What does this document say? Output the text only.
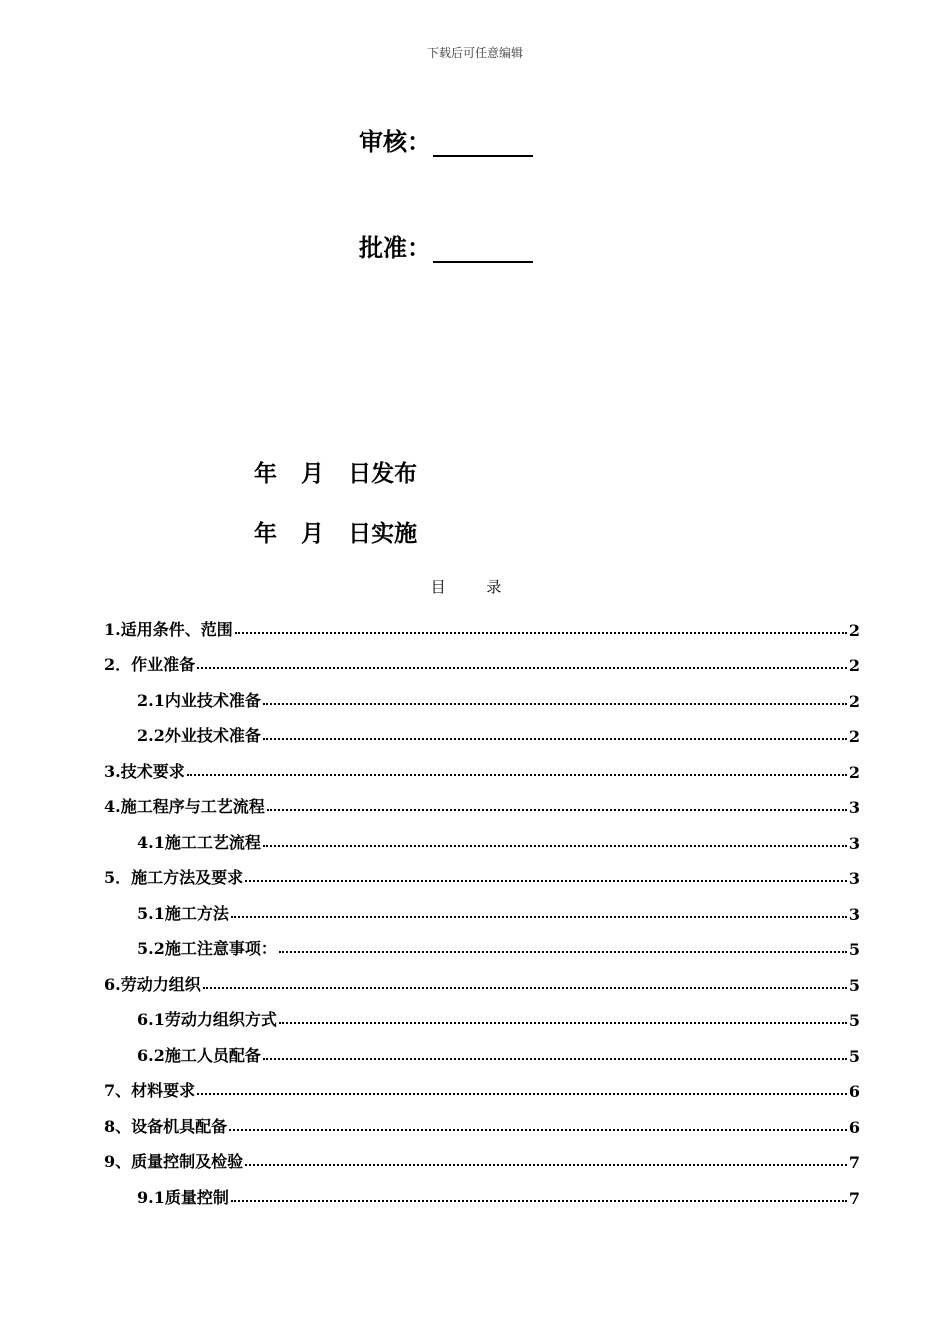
下载后可任意编辑
审核：
批准：

年   月   日发布

年   月   日实施

目 录
1.适用条件、范围	2
2．作业准备	2
2.1内业技术准备	2
2.2外业技术准备	2
3.技术要求	2
4.施工程序与工艺流程	3
4.1施工工艺流程	3
5．施工方法及要求	3
5.1施工方法	3
5.2施工注意事项：	5
6.劳动力组织	5
6.1劳动力组织方式	5
6.2施工人员配备	5
7、材料要求	6
8、设备机具配备	6
9、质量控制及检验	7
9.1质量控制	7
